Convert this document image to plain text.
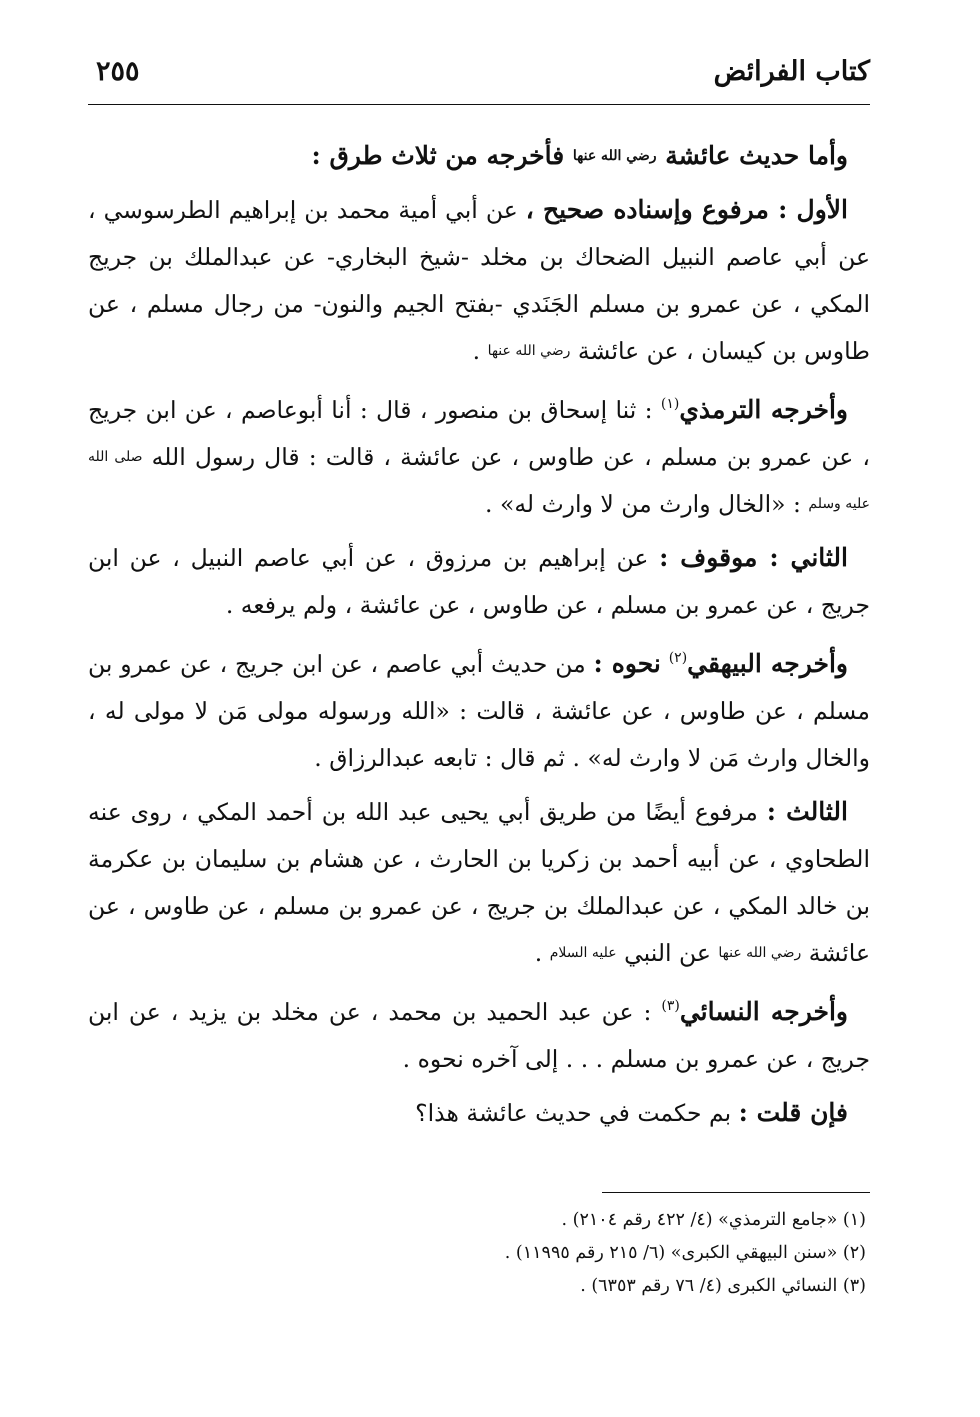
كتاب الفرائض
٢٥٥

وأما حديث عائشة رضي الله عنها فأخرجه من ثلاث طرق :

الأول : مرفوع وإسناده صحيح ، عن أبي أمية محمد بن إبراهيم الطرسوسي ، عن أبي عاصم النبيل الضحاك بن مخلد -شيخ البخاري- عن عبدالملك بن جريج المكي ، عن عمرو بن مسلم الجَنَدي -بفتح الجيم والنون- من رجال مسلم ، عن طاوس بن كيسان ، عن عائشة رضي الله عنها .

وأخرجه الترمذي$^{(١)}$ : ثنا إسحاق بن منصور ، قال : أنا أبوعاصم ، عن ابن جريج ، عن عمرو بن مسلم ، عن طاوس ، عن عائشة ، قالت : قال رسول الله صلى الله عليه وسلم : «الخال وارث من لا وارث له» .

الثاني : موقوف : عن إبراهيم بن مرزوق ، عن أبي عاصم النبيل ، عن ابن جريج ، عن عمرو بن مسلم ، عن طاوس ، عن عائشة ، ولم يرفعه .

وأخرجه البيهقي$^{(٢)}$ نحوه : من حديث أبي عاصم ، عن ابن جريج ، عن عمرو بن مسلم ، عن طاوس ، عن عائشة ، قالت : «الله ورسوله مولى مَن لا مولى له ، والخال وارث مَن لا وارث له» . ثم قال : تابعه عبدالرزاق .

الثالث : مرفوع أيضًا من طريق أبي يحيى عبد الله بن أحمد المكي ، روى عنه الطحاوي ، عن أبيه أحمد بن زكريا بن الحارث ، عن هشام بن سليمان بن عكرمة بن خالد المكي ، عن عبدالملك بن جريج ، عن عمرو بن مسلم ، عن طاوس ، عن عائشة رضي الله عنها عن النبي عليه السلام .

وأخرجه النسائي$^{(٣)}$ : عن عبد الحميد بن محمد ، عن مخلد بن يزيد ، عن ابن جريج ، عن عمرو بن مسلم . . . إلى آخره نحوه .

فإن قلت : بم حكمت في حديث عائشة هذا؟

(١) «جامع الترمذي» (٤/ ٤٢٢ رقم ٢١٠٤) .

(٢) «سنن البيهقي الكبرى» (٦/ ٢١٥ رقم ١١٩٩٥) .

(٣) النسائي الكبرى (٤/ ٧٦ رقم ٦٣٥٣) .
